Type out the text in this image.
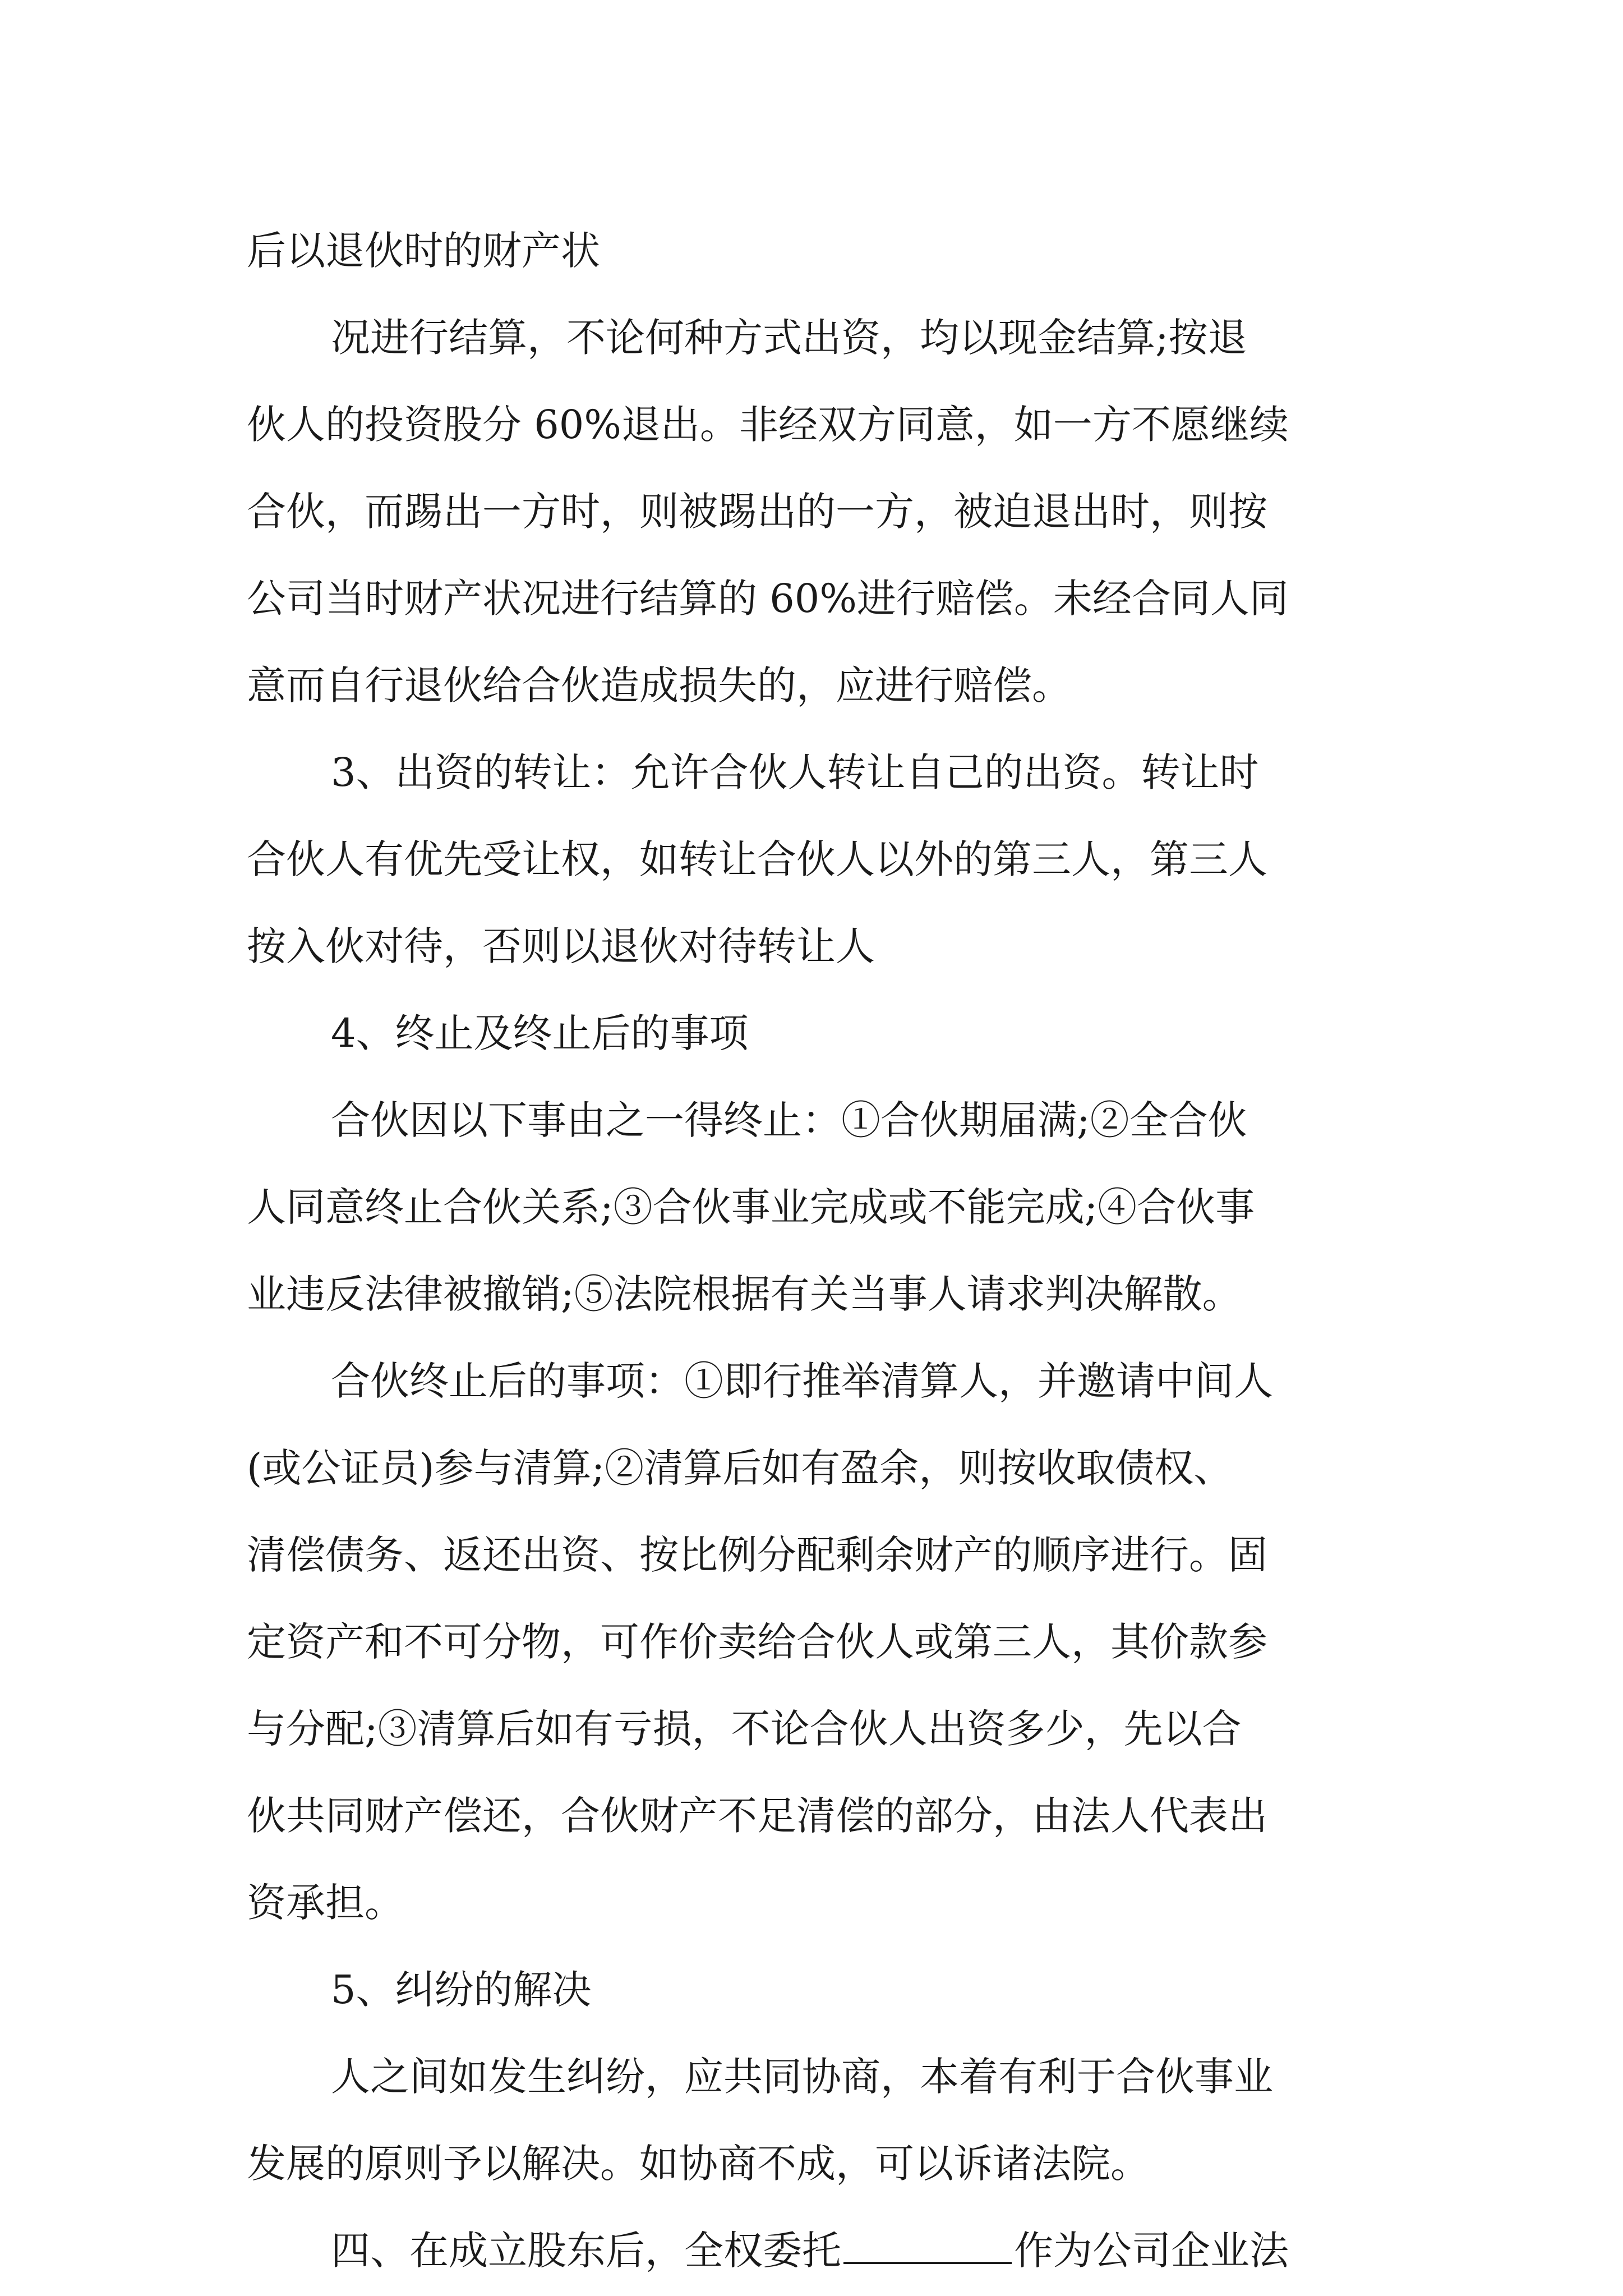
后以退伙时的财产状
况进行结算，不论何种方式出资，均以现金结算;按退
伙人的投资股分 60%退出。非经双方同意，如一方不愿继续
合伙，而踢出一方时，则被踢出的一方，被迫退出时，则按
公司当时财产状况进行结算的 60%进行赔偿。未经合同人同
意而自行退伙给合伙造成损失的，应进行赔偿。
3、出资的转让：允许合伙人转让自己的出资。转让时
合伙人有优先受让权，如转让合伙人以外的第三人，第三人
按入伙对待，否则以退伙对待转让人
4、终止及终止后的事项
合伙因以下事由之一得终止：①合伙期届满;②全合伙
人同意终止合伙关系;③合伙事业完成或不能完成;④合伙事
业违反法律被撤销;⑤法院根据有关当事人请求判决解散。
合伙终止后的事项：①即行推举清算人，并邀请中间人
(或公证员)参与清算;②清算后如有盈余，则按收取债权、
清偿债务、返还出资、按比例分配剩余财产的顺序进行。固
定资产和不可分物，可作价卖给合伙人或第三人，其价款参
与分配;③清算后如有亏损，不论合伙人出资多少，先以合
伙共同财产偿还，合伙财产不足清偿的部分，由法人代表出
资承担。
5、纠纷的解决
人之间如发生纠纷，应共同协商，本着有利于合伙事业
发展的原则予以解决。如协商不成，可以诉诸法院。
四、在成立股东后，全权委托	作为公司企业法
